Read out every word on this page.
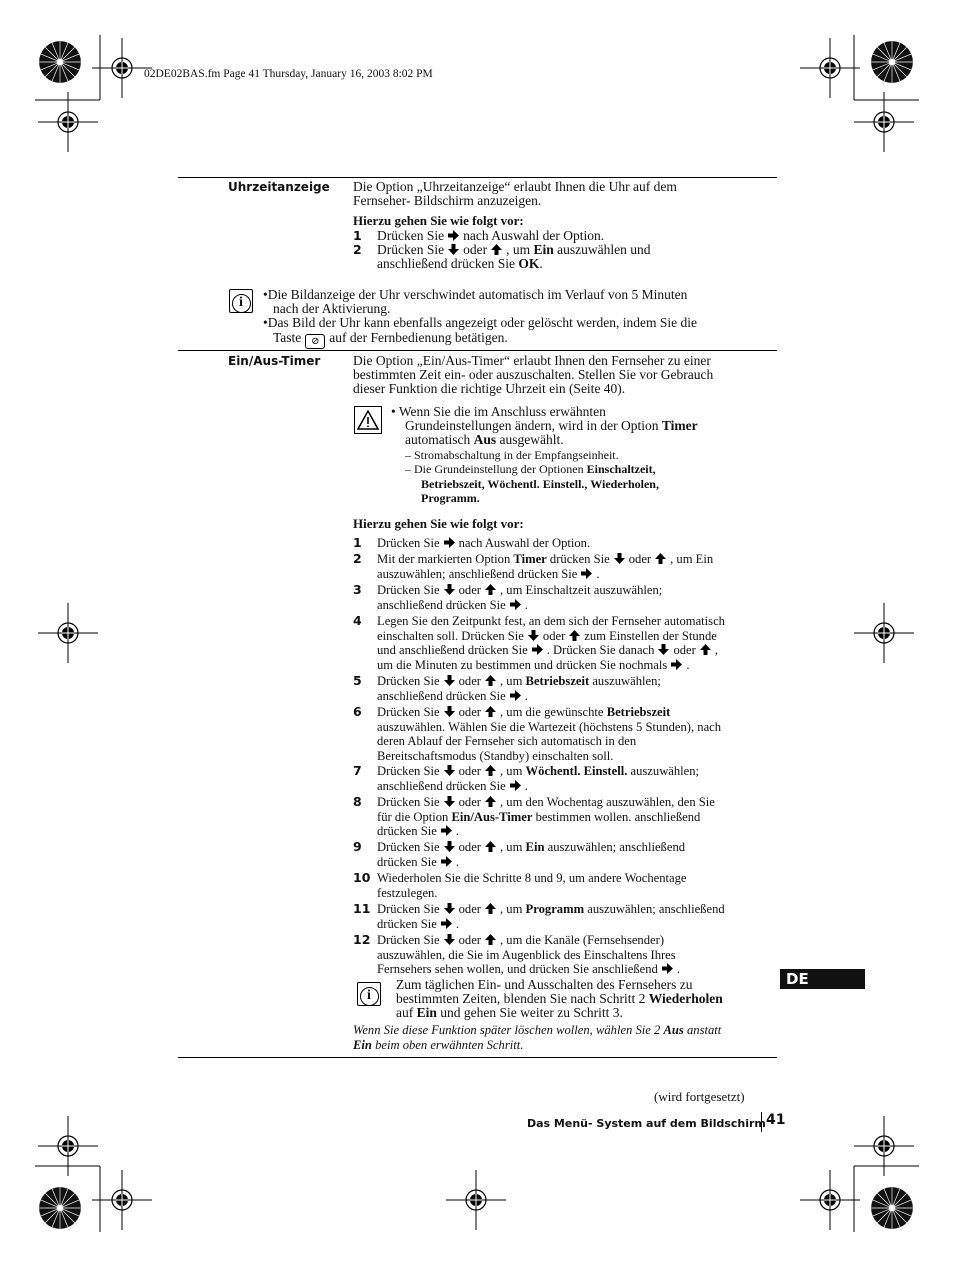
02DE02BAS.fm Page 41 Thursday, January 16, 2003 8:02 PM
Uhrzeitanzeige Die Option „Uhrzeitanzeige“ erlaubt Ihnen die Uhr auf dem
Fernseher- Bildschirm anzuzeigen.
Hierzu gehen Sie wie folgt vor:
1 Drücken Sie nach Auswahl der Option.
2 Drücken Sie oder , um Ein auszuwählen und
anschließend drücken Sie OK.
i
•Die Bildanzeige der Uhr verschwindet automatisch im Verlauf von 5 Minuten
nach der Aktivierung.
•Das Bild der Uhr kann ebenfalls angezeigt oder gelöscht werden, indem Sie die
Taste ⊘ auf der Fernbedienung betätigen.
Ein/Aus-Timer Die Option „Ein/Aus-Timer“ erlaubt Ihnen den Fernseher zu einer
bestimmten Zeit ein- oder auszuschalten. Stellen Sie vor Gebrauch
dieser Funktion die richtige Uhrzeit ein (Seite 40).
• Wenn Sie die im Anschluss erwähnten
Grundeinstellungen ändern, wird in der Option Timer
automatisch Aus ausgewählt.
– Stromabschaltung in der Empfangseinheit.
– Die Grundeinstellung der Optionen Einschaltzeit,
Betriebszeit, Wöchentl. Einstell., Wiederholen,
Programm.
Hierzu gehen Sie wie folgt vor:
1 Drücken Sie nach Auswahl der Option.
2 Mit der markierten Option Timer drücken Sie oder , um Ein
auszuwählen; anschließend drücken Sie .
3 Drücken Sie oder , um Einschaltzeit auszuwählen;
anschließend drücken Sie .
4 Legen Sie den Zeitpunkt fest, an dem sich der Fernseher automatisch
einschalten soll. Drücken Sie oder zum Einstellen der Stunde
und anschließend drücken Sie . Drücken Sie danach oder ,
um die Minuten zu bestimmen und drücken Sie nochmals .
5 Drücken Sie oder , um Betriebszeit auszuwählen;
anschließend drücken Sie .
6 Drücken Sie oder , um die gewünschte Betriebszeit
auszuwählen. Wählen Sie die Wartezeit (höchstens 5 Stunden), nach
deren Ablauf der Fernseher sich automatisch in den
Bereitschaftsmodus (Standby) einschalten soll.
7 Drücken Sie oder , um Wöchentl. Einstell. auszuwählen;
anschließend drücken Sie .
8 Drücken Sie oder , um den Wochentag auszuwählen, den Sie
für die Option Ein/Aus-Timer bestimmen wollen. anschließend
drücken Sie .
9 Drücken Sie oder , um Ein auszuwählen; anschließend
drücken Sie .
10 Wiederholen Sie die Schritte 8 und 9, um andere Wochentage
festzulegen.
11 Drücken Sie oder , um Programm auszuwählen; anschließend
drücken Sie .
12 Drücken Sie oder , um die Kanäle (Fernsehsender)
auszuwählen, die Sie im Augenblick des Einschaltens Ihres
Fernsehers sehen wollen, und drücken Sie anschließend .
i
Zum täglichen Ein- und Ausschalten des Fernsehers zu
bestimmten Zeiten, blenden Sie nach Schritt 2 Wiederholen
auf Ein und gehen Sie weiter zu Schritt 3.
Wenn Sie diese Funktion später löschen wollen, wählen Sie 2 Aus anstatt
Ein beim oben erwähnten Schritt.
DE
(wird fortgesetzt)
Das Menü- System auf dem Bildschirm 41
